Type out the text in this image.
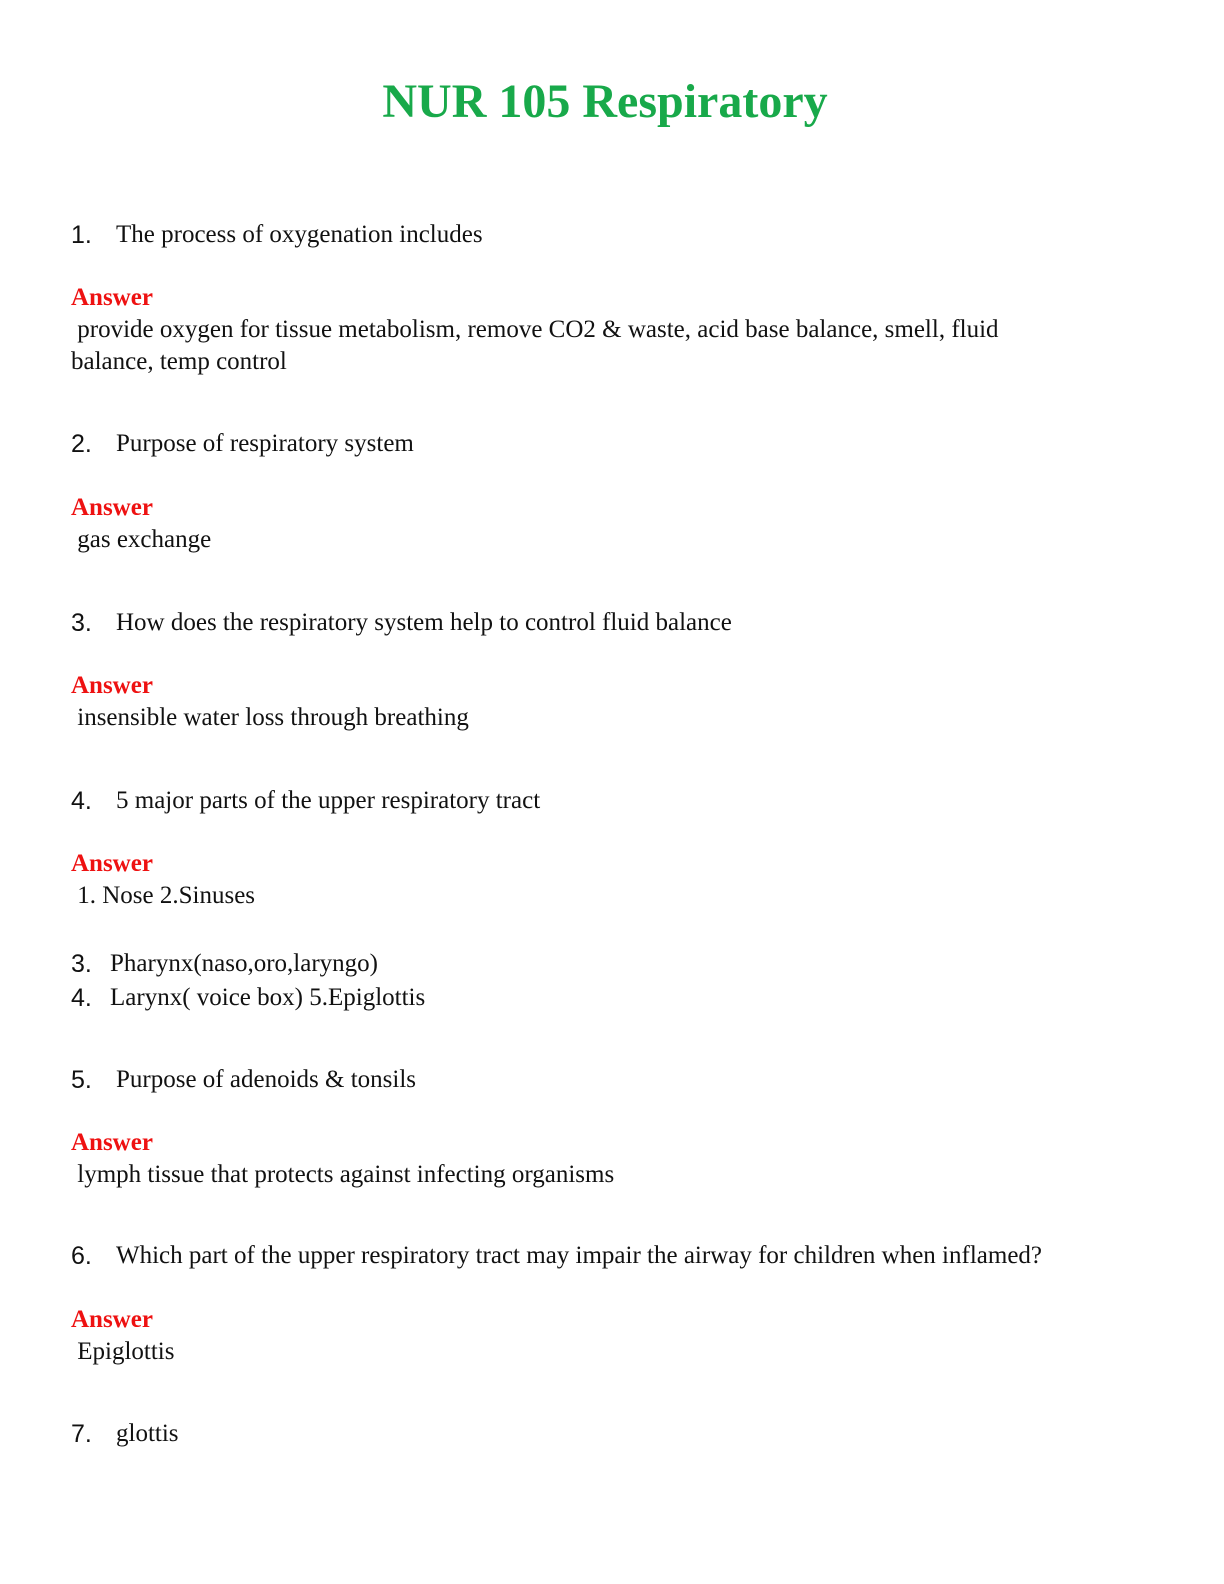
NUR 105 Respiratory
1. The process of oxygenation includes
Answer
provide oxygen for tissue metabolism, remove CO2 & waste, acid base balance, smell, fluid
balance, temp control
2. Purpose of respiratory system
Answer
gas exchange
3. How does the respiratory system help to control fluid balance
Answer
insensible water loss through breathing
4. 5 major parts of the upper respiratory tract
Answer
1. Nose 2.Sinuses
3. Pharynx(naso,oro,laryngo)
4. Larynx( voice box) 5.Epiglottis
5. Purpose of adenoids & tonsils
Answer
lymph tissue that protects against infecting organisms
6. Which part of the upper respiratory tract may impair the airway for children when inflamed?
Answer
Epiglottis
7. glottis
